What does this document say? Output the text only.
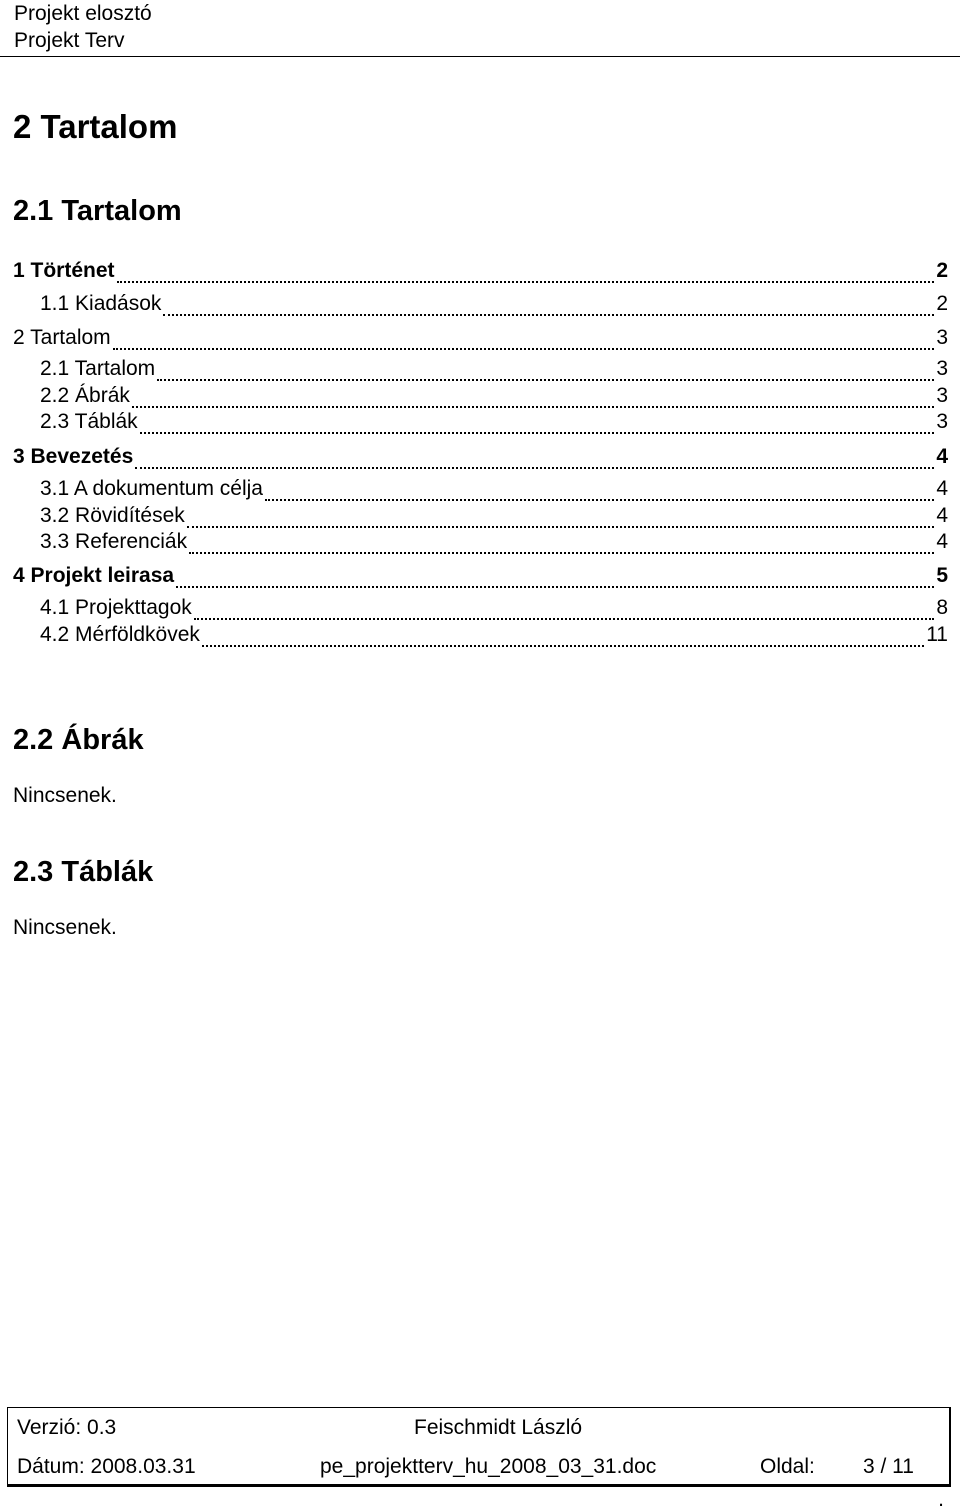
Projekt elosztó
Projekt Terv
2 Tartalom
2.1 Tartalom
1 Történet	2
1.1 Kiadások	2
2 Tartalom	3
2.1 Tartalom	3
2.2 Ábrák	3
2.3 Táblák	3
3 Bevezetés	4
3.1 A dokumentum célja	4
3.2 Rövidítések	4
3.3 Referenciák	4
4 Projekt leirasa	5
4.1 Projekttagok	8
4.2 Mérföldkövek	11
2.2 Ábrák
Nincsenek.
2.3 Táblák
Nincsenek.
Verzió: 0.3	Feischmidt László
Dátum: 2008.03.31	pe_projektterv_hu_2008_03_31.doc	Oldal: 3 / 11
.
